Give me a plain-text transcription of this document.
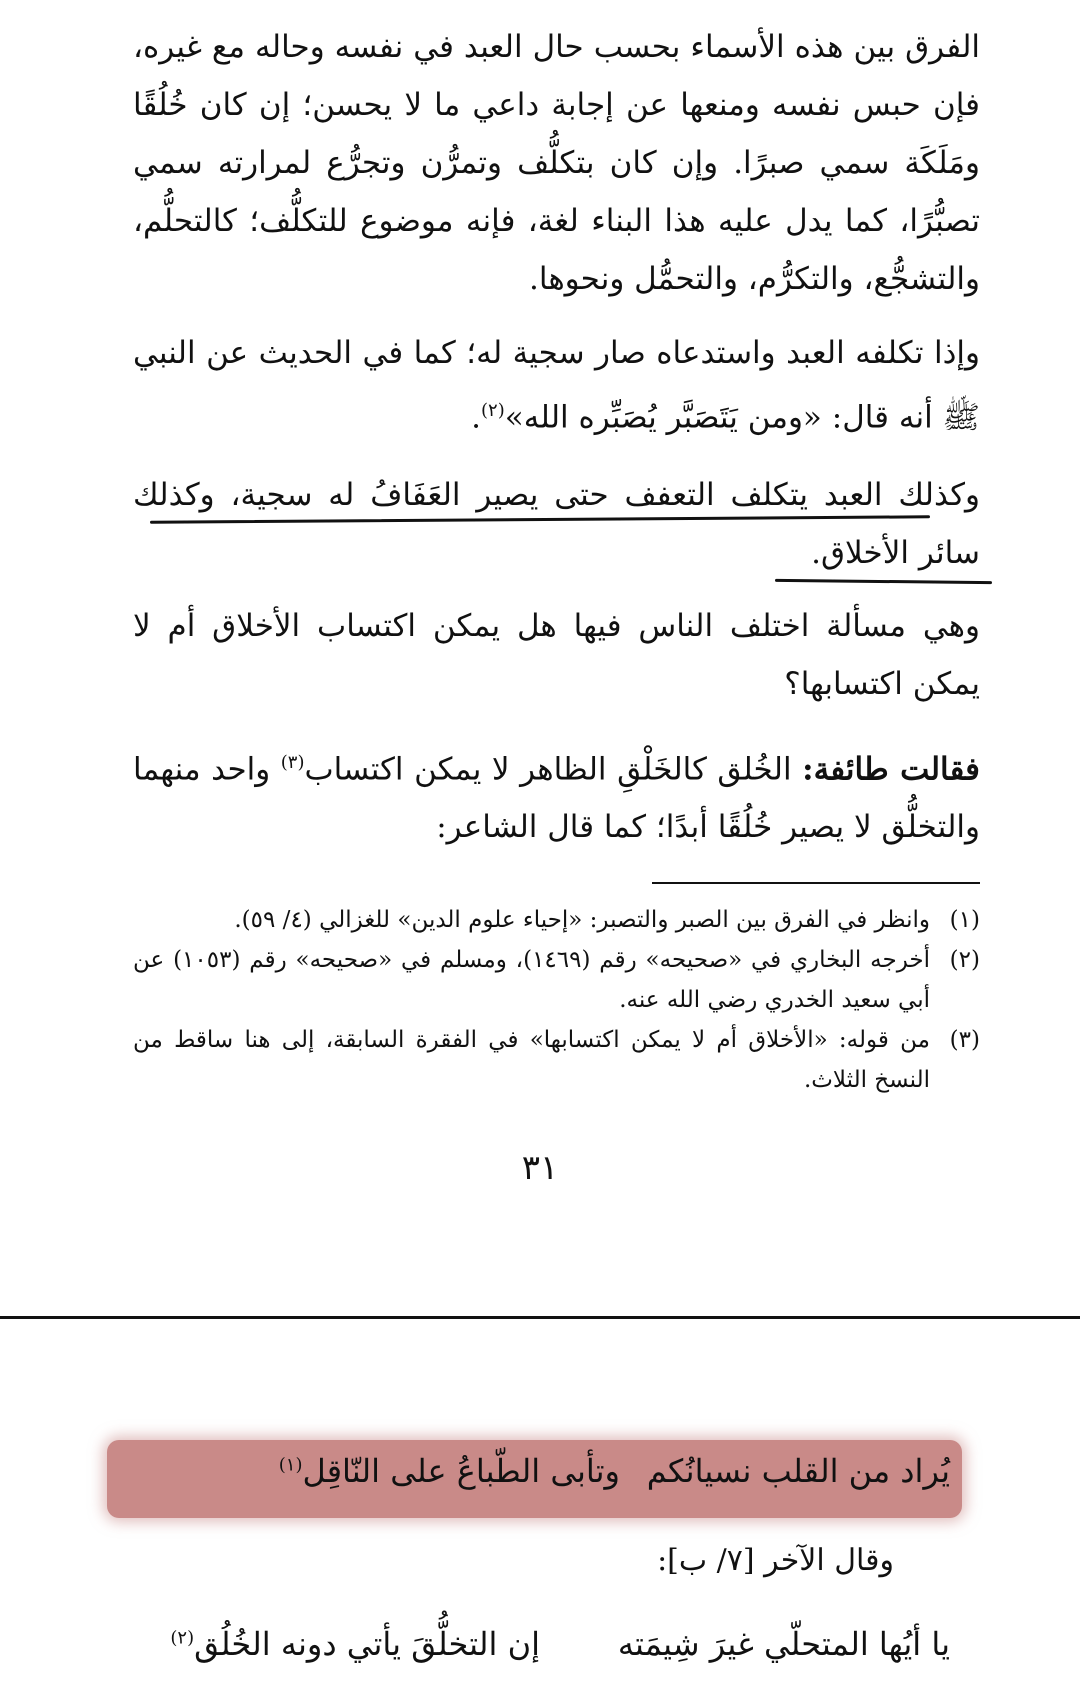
الفرق بين هذه الأسماء بحسب حال العبد في نفسه وحاله مع غيره، فإن حبس نفسه ومنعها عن إجابة داعي ما لا يحسن؛ إن كان خُلُقًا ومَلَكَة سمي صبرًا. وإن كان بتكلُّف وتمرُّن وتجرُّع لمرارته سمي تصبُّرًا، كما يدل عليه هذا البناء لغة، فإنه موضوع للتكلُّف؛ كالتحلُّم، والتشجُّع، والتكرُّم، والتحمُّل ونحوها.
وإذا تكلفه العبد واستدعاه صار سجية له؛ كما في الحديث عن النبي ﷺ أنه قال: «ومن يَتَصَبَّر يُصَبِّره الله»$^{(٢)}$.
وكذلك العبد يتكلف التعفف حتى يصير العَفَافُ له سجية، وكذلك سائر الأخلاق.
وهي مسألة اختلف الناس فيها هل يمكن اكتساب الأخلاق أم لا يمكن اكتسابها؟
فقالت طائفة: الخُلق كالخَلْقِ الظاهر لا يمكن اكتساب$^{(٣)}$ واحد منهما والتخلُّق لا يصير خُلُقًا أبدًا؛ كما قال الشاعر:
(١)
وانظر في الفرق بين الصبر والتصبر: «إحياء علوم الدين» للغزالي (٤/ ٥٩).
(٢)
أخرجه البخاري في «صحيحه» رقم (١٤٦٩)، ومسلم في «صحيحه» رقم (١٠٥٣) عن أبي سعيد الخدري رضي الله عنه.
(٣)
من قوله: «الأخلاق أم لا يمكن اكتسابها» في الفقرة السابقة، إلى هنا ساقط من النسخ الثلاث.
٣١
يُراد من القلب نسيانُكم
وتأبى الطّباعُ على النّاقِل$^{(١)}$
وقال الآخر [٧/ ب]:
يا أيُها المتحلّي غيرَ شِيمَته
إن التخلُّقَ يأتي دونه الخُلُق$^{(٢)}$
